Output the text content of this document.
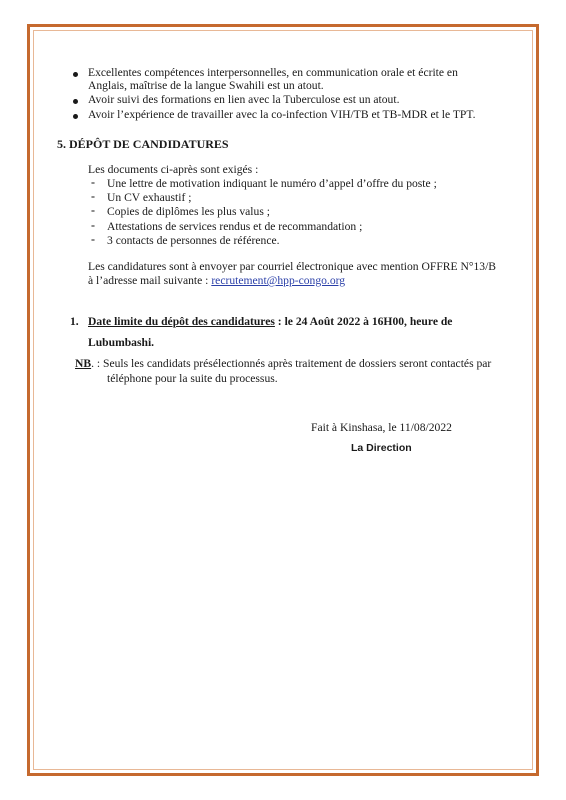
Excellentes compétences interpersonnelles, en communication orale et écrite en
Anglais, maîtrise de la langue Swahili est un atout.
Avoir suivi des formations en lien avec la Tuberculose est un atout.
Avoir l’expérience de travailler avec la co-infection VIH/TB et TB-MDR et le TPT.
5. DÉPÔT DE CANDIDATURES
Les documents ci-après sont exigés :
- Une lettre de motivation indiquant le numéro d’appel d’offre du poste ;
- Un CV exhaustif ;
- Copies de diplômes les plus valus ;
- Attestations de services rendus et de recommandation ;
- 3 contacts de personnes de référence.
Les candidatures sont à envoyer par courriel électronique avec mention OFFRE N°13/B
à l’adresse mail suivante : recrutement@hpp-congo.org
1. Date limite du dépôt des candidatures : le 24 Août 2022 à 16H00, heure de
Lubumbashi.
NB. : Seuls les candidats présélectionnés après traitement de dossiers seront contactés par
téléphone pour la suite du processus.
Fait à Kinshasa, le 11/08/2022
La Direction
